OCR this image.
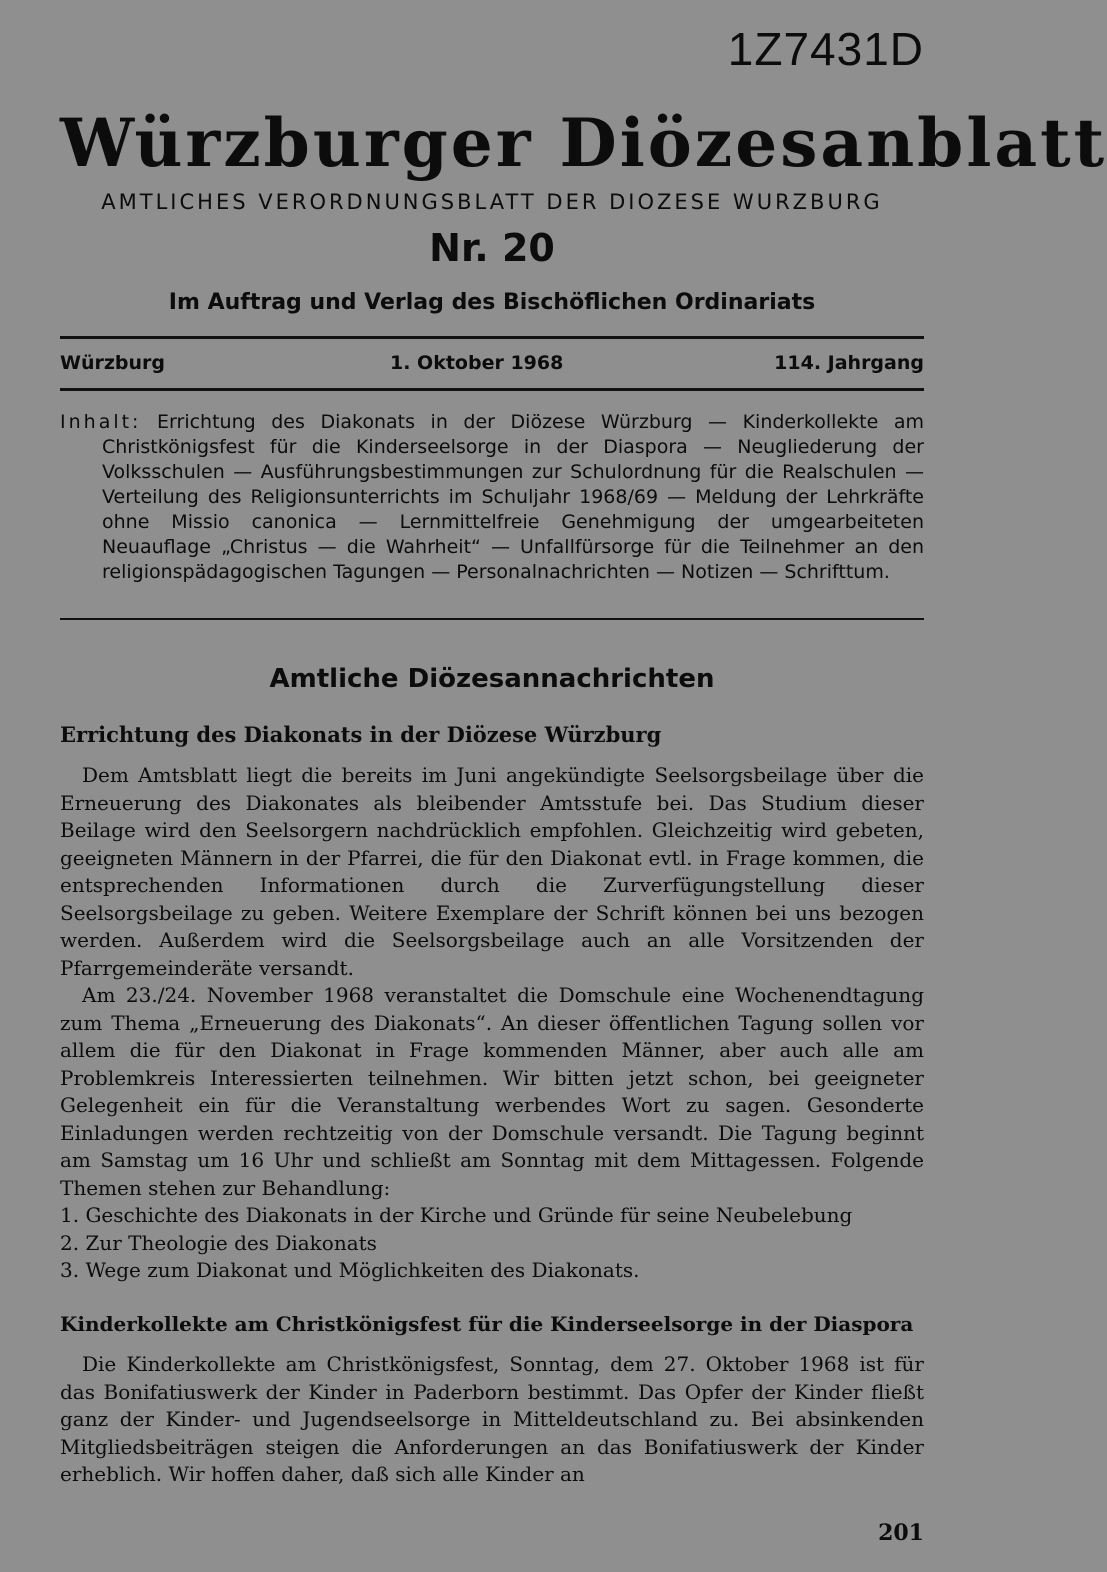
1Z7431D
Würzburger Diözesanblatt
AMTLICHES VERORDNUNGSBLATT DER DIOZESE WURZBURG
Nr. 20
Im Auftrag und Verlag des Bischöflichen Ordinariats
Würzburg	1. Oktober 1968	114. Jahrgang
Inhalt: Errichtung des Diakonats in der Diözese Würzburg — Kinderkollekte am Christkönigsfest für die Kinderseelsorge in der Diaspora — Neugliederung der Volksschulen — Ausführungsbestimmungen zur Schulordnung für die Realschulen — Verteilung des Religionsunterrichts im Schuljahr 1968/69 — Meldung der Lehrkräfte ohne Missio canonica — Lernmittelfreie Genehmigung der umgearbeiteten Neuauflage „Christus — die Wahrheit“ — Unfallfürsorge für die Teilnehmer an den religionspädagogischen Tagungen — Personalnachrichten — Notizen — Schrifttum.
Amtliche Diözesannachrichten
Errichtung des Diakonats in der Diözese Würzburg

Dem Amtsblatt liegt die bereits im Juni angekündigte Seelsorgsbeilage über die Erneuerung des Diakonates als bleibender Amtsstufe bei. Das Studium dieser Beilage wird den Seelsorgern nachdrücklich empfohlen. Gleichzeitig wird gebeten, geeigneten Männern in der Pfarrei, die für den Diakonat evtl. in Frage kommen, die entsprechenden Informationen durch die Zurverfügungstellung dieser Seelsorgsbeilage zu geben. Weitere Exemplare der Schrift können bei uns bezogen werden. Außerdem wird die Seelsorgsbeilage auch an alle Vorsitzenden der Pfarrgemeinderäte versandt.

Am 23./24. November 1968 veranstaltet die Domschule eine Wochenendtagung zum Thema „Erneuerung des Diakonats“. An dieser öffentlichen Tagung sollen vor allem die für den Diakonat in Frage kommenden Männer, aber auch alle am Problemkreis Interessierten teilnehmen. Wir bitten jetzt schon, bei geeigneter Gelegenheit ein für die Veranstaltung werbendes Wort zu sagen. Gesonderte Einladungen werden rechtzeitig von der Domschule versandt. Die Tagung beginnt am Samstag um 16 Uhr und schließt am Sonntag mit dem Mittagessen. Folgende Themen stehen zur Behandlung:

1. Geschichte des Diakonats in der Kirche und Gründe für seine Neubelebung
2. Zur Theologie des Diakonats
3. Wege zum Diakonat und Möglichkeiten des Diakonats.
Kinderkollekte am Christkönigsfest für die Kinderseelsorge in der Diaspora

Die Kinderkollekte am Christkönigsfest, Sonntag, dem 27. Oktober 1968 ist für das Bonifatiuswerk der Kinder in Paderborn bestimmt. Das Opfer der Kinder fließt ganz der Kinder- und Jugendseelsorge in Mitteldeutschland zu. Bei absinkenden Mitgliedsbeiträgen steigen die Anforderungen an das Bonifatiuswerk der Kinder erheblich. Wir hoffen daher, daß sich alle Kinder an

201
